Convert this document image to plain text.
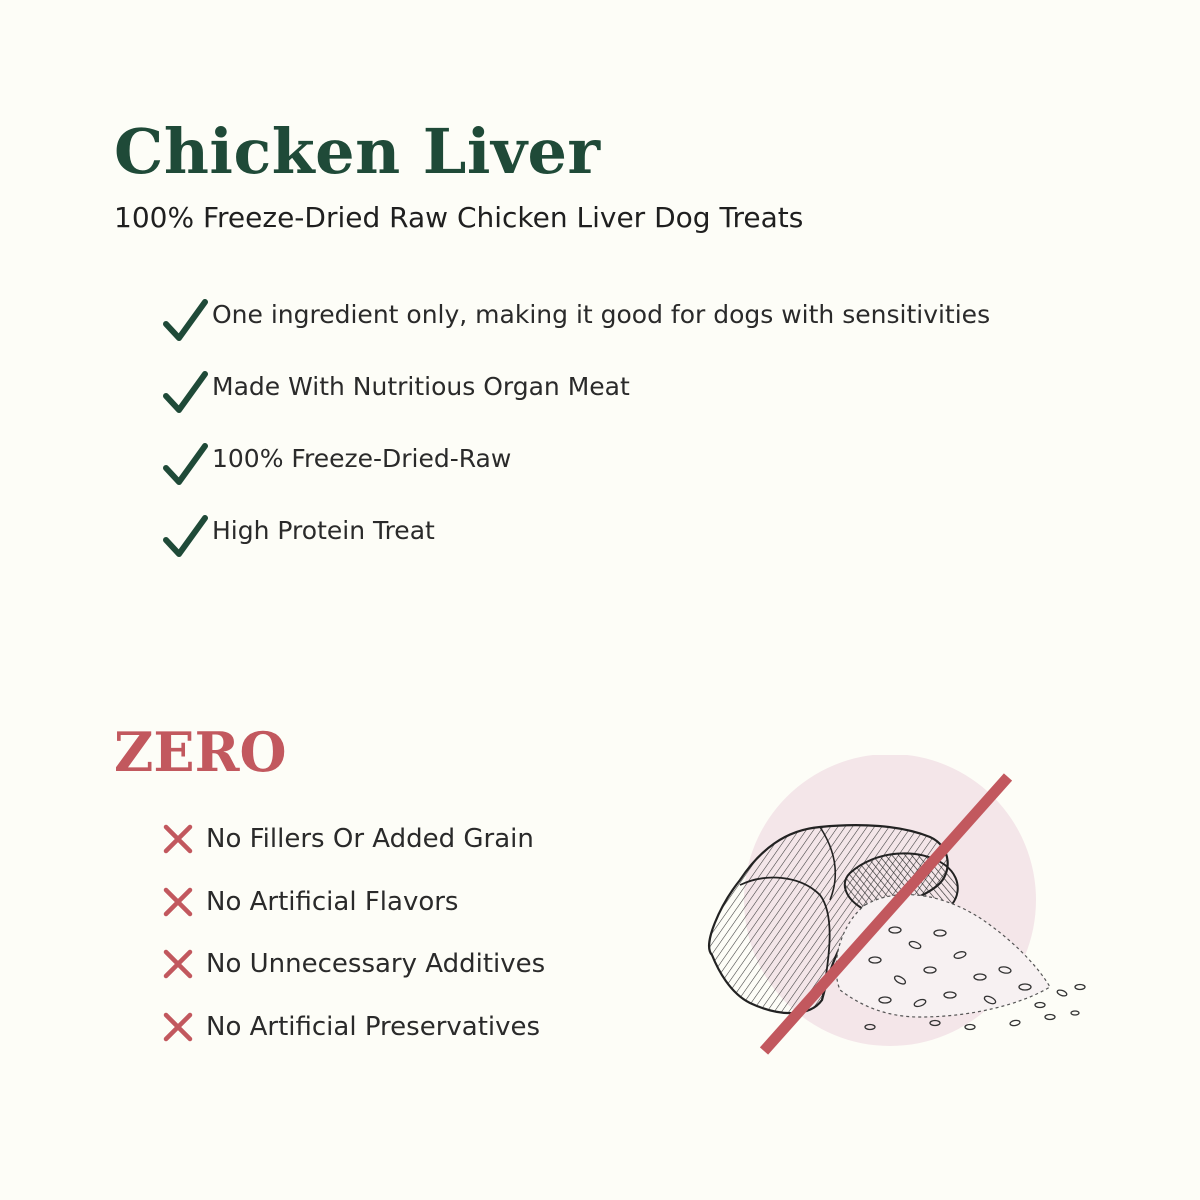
Chicken Liver

100% Freeze-Dried Raw Chicken Liver Dog Treats

One ingredient only, making it good for dogs with sensitivities
Made With Nutritious Organ Meat
100% Freeze-Dried-Raw
High Protein Treat
ZERO
No Fillers Or Added Grain
No Artificial Flavors
No Unnecessary Additives
No Artificial Preservatives
